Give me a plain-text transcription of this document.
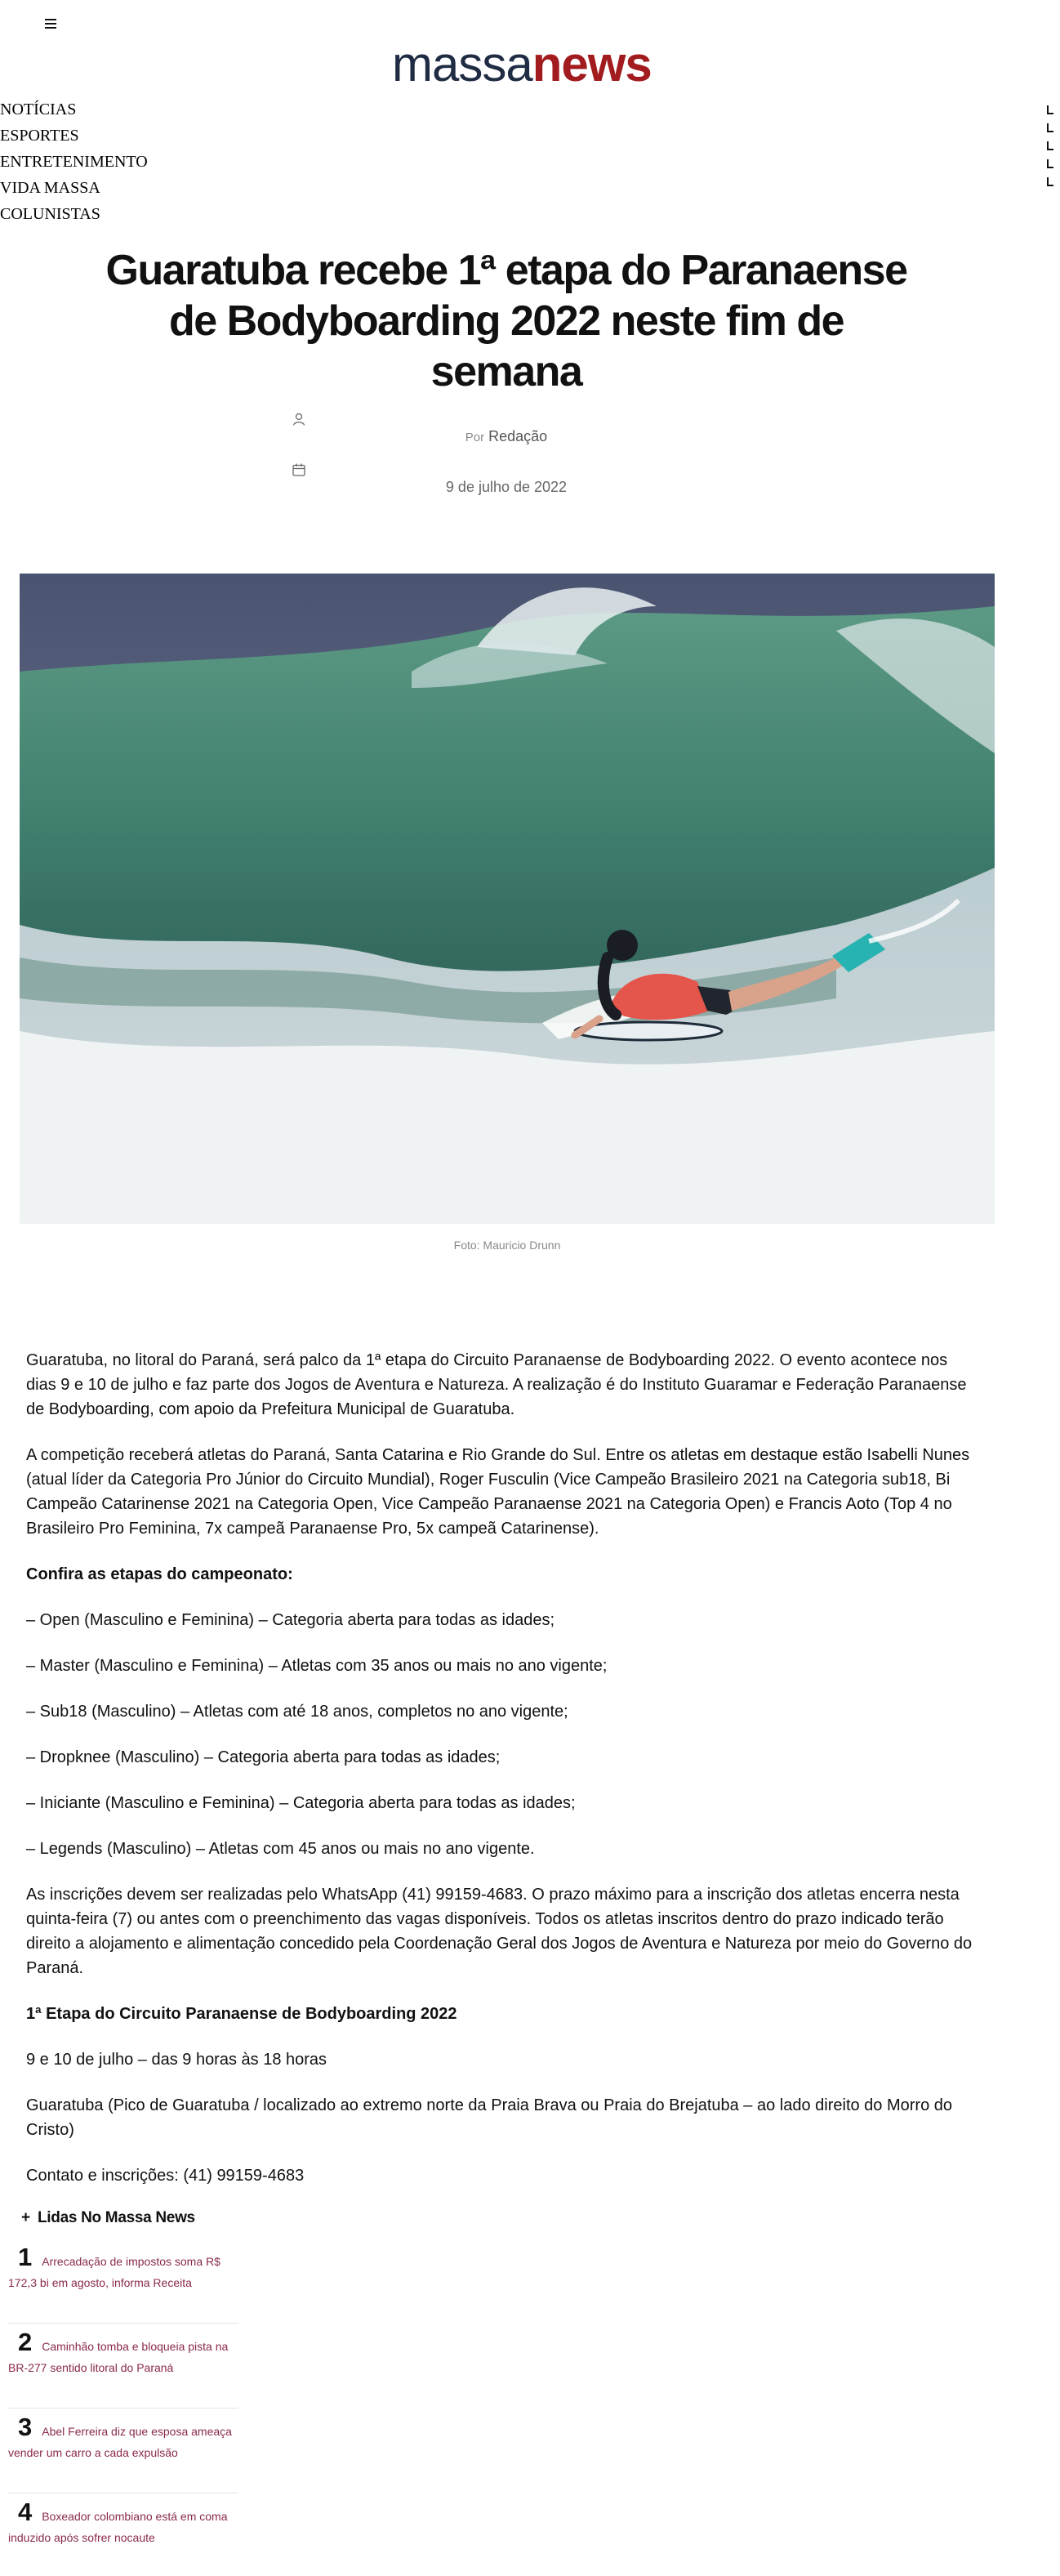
massanews
NOTÍCIAS
ESPORTES
ENTRETENIMENTO
VIDA MASSA
COLUNISTAS
Guaratuba recebe 1ª etapa do Paranaense de Bodyboarding 2022 neste fim de semana
Por Redação
9 de julho de 2022
Foto: Mauricio Drunn

Guaratuba, no litoral do Paraná, será palco da 1ª etapa do Circuito Paranaense de Bodyboarding 2022. O evento acontece nos dias 9 e 10 de julho e faz parte dos Jogos de Aventura e Natureza. A realização é do Instituto Guaramar e Federação Paranaense de Bodyboarding, com apoio da Prefeitura Municipal de Guaratuba.

A competição receberá atletas do Paraná, Santa Catarina e Rio Grande do Sul. Entre os atletas em destaque estão Isabelli Nunes (atual líder da Categoria Pro Júnior do Circuito Mundial), Roger Fusculin (Vice Campeão Brasileiro 2021 na Categoria sub18, Bi Campeão Catarinense 2021 na Categoria Open, Vice Campeão Paranaense 2021 na Categoria Open) e Francis Aoto (Top 4 no Brasileiro Pro Feminina, 7x campeã Paranaense Pro, 5x campeã Catarinense).

Confira as etapas do campeonato:

– Open (Masculino e Feminina) – Categoria aberta para todas as idades;

– Master (Masculino e Feminina) – Atletas com 35 anos ou mais no ano vigente;

– Sub18 (Masculino) – Atletas com até 18 anos, completos no ano vigente;

– Dropknee (Masculino) – Categoria aberta para todas as idades;

– Iniciante (Masculino e Feminina) – Categoria aberta para todas as idades;

– Legends (Masculino) – Atletas com 45 anos ou mais no ano vigente.

As inscrições devem ser realizadas pelo WhatsApp (41) 99159-4683. O prazo máximo para a inscrição dos atletas encerra nesta quinta-feira (7) ou antes com o preenchimento das vagas disponíveis. Todos os atletas inscritos dentro do prazo indicado terão direito a alojamento e alimentação concedido pela Coordenação Geral dos Jogos de Aventura e Natureza por meio do Governo do Paraná.

1ª Etapa do Circuito Paranaense de Bodyboarding 2022

9 e 10 de julho – das 9 horas às 18 horas

Guaratuba (Pico de Guaratuba / localizado ao extremo norte da Praia Brava ou Praia do Brejatuba – ao lado direito do Morro do Cristo)

Contato e inscrições: (41) 99159-4683

+ Lidas No Massa News
1 Arrecadação de impostos soma R$ 172,3 bi em agosto, informa Receita
2 Caminhão tomba e bloqueia pista na BR-277 sentido litoral do Paraná
3 Abel Ferreira diz que esposa ameaça vender um carro a cada expulsão
4 Boxeador colombiano está em coma induzido após sofrer nocaute
